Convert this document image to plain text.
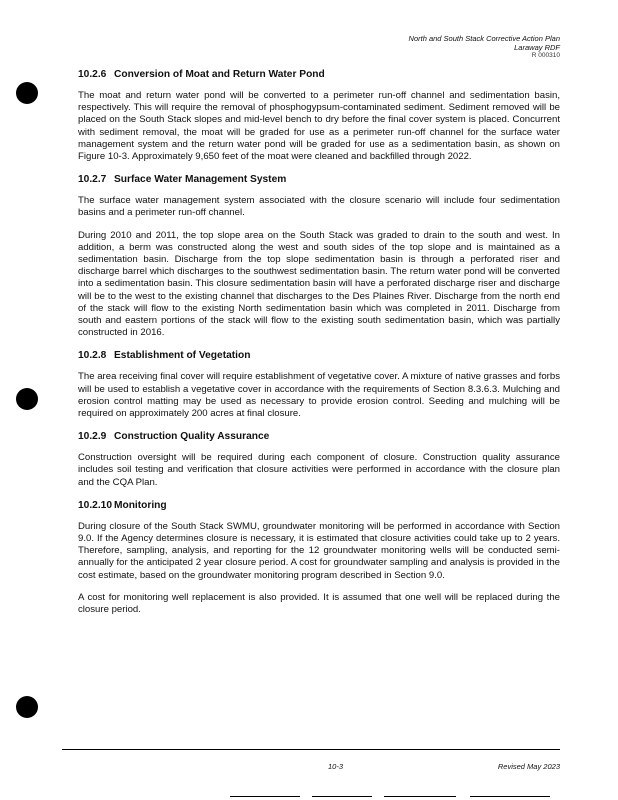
North and South Stack Corrective Action Plan
Laraway RDF
R 000310
10.2.6 Conversion of Moat and Return Water Pond

The moat and return water pond will be converted to a perimeter run-off channel and sedimentation basin, respectively. This will require the removal of phosphogypsum-contaminated sediment. Sediment removed will be placed on the South Stack slopes and mid-level bench to dry before the final cover system is placed. Concurrent with sediment removal, the moat will be graded for use as a perimeter run-off channel for the surface water management system and the return water pond will be graded for use as a sedimentation basin, as shown on Figure 10-3. Approximately 9,650 feet of the moat were cleaned and backfilled through 2022.

10.2.7 Surface Water Management System

The surface water management system associated with the closure scenario will include four sedimentation basins and a perimeter run-off channel.

During 2010 and 2011, the top slope area on the South Stack was graded to drain to the south and west. In addition, a berm was constructed along the west and south sides of the top slope and is maintained as a sedimentation basin. Discharge from the top slope sedimentation basin is through a perforated riser and discharge barrel which discharges to the southwest sedimentation basin. The return water pond will be converted into a sedimentation basin. This closure sedimentation basin will have a perforated discharge riser and discharge will be to the west to the existing channel that discharges to the Des Plaines River. Discharge from the north end of the stack will flow to the existing North sedimentation basin which was completed in 2011. Discharge from south and eastern portions of the stack will flow to the existing south sedimentation basin, which was partially constructed in 2016.

10.2.8 Establishment of Vegetation

The area receiving final cover will require establishment of vegetative cover. A mixture of native grasses and forbs will be used to establish a vegetative cover in accordance with the requirements of Section 8.3.6.3. Mulching and erosion control matting may be used as necessary to provide erosion control. Seeding and mulching will be required on approximately 200 acres at final closure.

10.2.9 Construction Quality Assurance

Construction oversight will be required during each component of closure. Construction quality assurance includes soil testing and verification that closure activities were performed in accordance with the closure plan and the CQA Plan.

10.2.10 Monitoring

During closure of the South Stack SWMU, groundwater monitoring will be performed in accordance with Section 9.0. If the Agency determines closure is necessary, it is estimated that closure activities could take up to 2 years. Therefore, sampling, analysis, and reporting for the 12 groundwater monitoring wells will be conducted semi-annually for the anticipated 2 year closure period. A cost for groundwater sampling and analysis is provided in the cost estimate, based on the groundwater monitoring program described in Section 9.0.

A cost for monitoring well replacement is also provided. It is assumed that one well will be replaced during the closure period.

10-3	Revised May 2023
